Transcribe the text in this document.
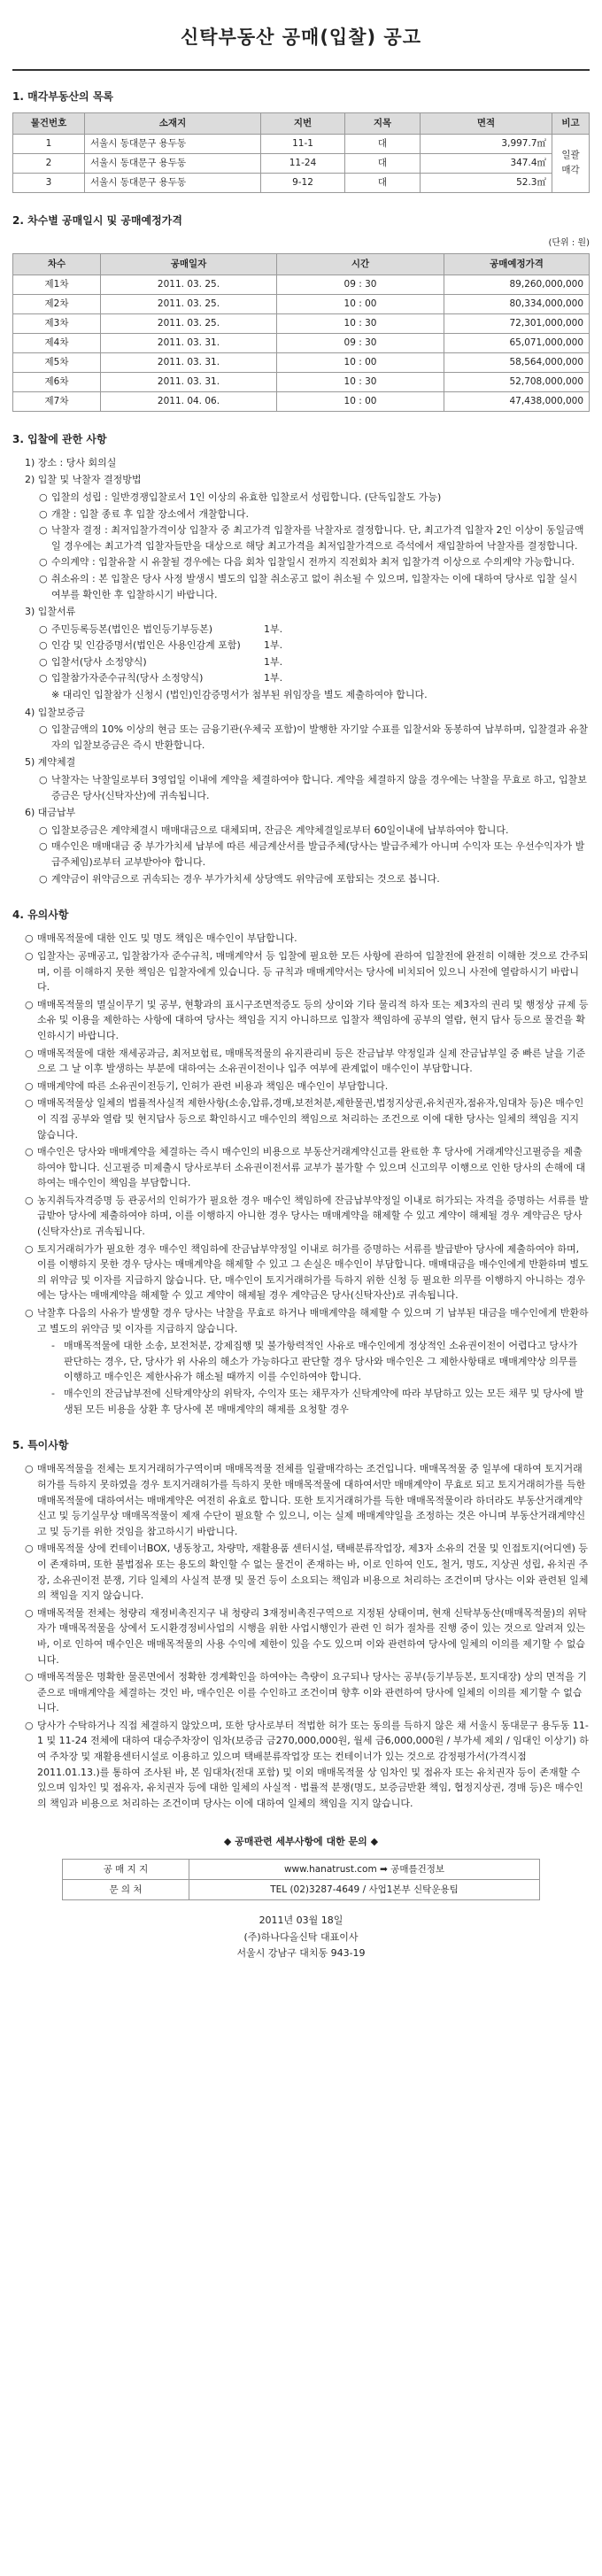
신탁부동산 공매(입찰) 공고
1. 매각부동산의 목록
물건번호	소재지	지번	지목	면적	비고
1	서울시 동대문구 용두동	11-1	대	3,997.7㎡	일괄매각
2	서울시 동대문구 용두동	11-24	대	347.4㎡	
3	서울시 동대문구 용두동	9-12	대	52.3㎡	
2. 차수별 공매일시 및 공매예정가격
(단위 : 원)
차수	공매일자	시간	공매예정가격
제1차	2011. 03. 25.	09 : 30	89,260,000,000
제2차	2011. 03. 25.	10 : 00	80,334,000,000
제3차	2011. 03. 25.	10 : 30	72,301,000,000
제4차	2011. 03. 31.	09 : 30	65,071,000,000
제5차	2011. 03. 31.	10 : 00	58,564,000,000
제6차	2011. 03. 31.	10 : 30	52,708,000,000
제7차	2011. 04. 06.	10 : 00	47,438,000,000
3. 입찰에 관한 사항
1) 장소 : 당사 회의실
2) 입찰 및 낙찰자 결정방법
○ 입찰의 성립 : 일반경쟁입찰로서 1인 이상의 유효한 입찰로서 성립합니다. (단독입찰도 가능)
○ 개찰 : 입찰 종료 후 입찰 장소에서 개찰합니다.
○ 낙찰자 결정 : 최저입찰가격이상 입찰자 중 최고가격 입찰자를 낙찰자로 결정합니다. 단, 최고가격 입찰자 2인 이상이 동일금액일 경우에는 최고가격 입찰자들만을 대상으로 해당 최고가격을 최저입찰가격으로 즉석에서 재입찰하여 낙찰자를 결정합니다.
○ 수의계약 : 입찰유찰 시 유찰될 경우에는 다음 회차 입찰일시 전까지 직전회차 최저 입찰가격 이상으로 수의계약 가능합니다.
○ 취소유의 : 본 입찰은 당사 사정 발생시 별도의 입찰 취소공고 없이 취소될 수 있으며, 입찰자는 이에 대하여 당사로 입찰 실시 여부를 확인한 후 입찰하시기 바랍니다.
3) 입찰서류
○ 주민등록등본(법인은 법인등기부등본)	1부.
○ 인감 및 인감증명서(법인은 사용인감계 포함)	1부.
○ 입찰서(당사 소정양식)	1부.
○ 입찰참가자준수규칙(당사 소정양식)	1부.
※ 대리인 입찰참가 신청시 (법인)인감증명서가 첨부된 위임장을 별도 제출하여야 합니다.
4) 입찰보증금
○ 입찰금액의 10% 이상의 현금 또는 금융기관(우체국 포함)이 발행한 자기앞 수표를 입찰서와 동봉하여 납부하며, 입찰결과 유찰자의 입찰보증금은 즉시 반환합니다.
5) 계약체결
○ 낙찰자는 낙찰일로부터 3영업일 이내에 계약을 체결하여야 합니다. 계약을 체결하지 않을 경우에는 낙찰을 무효로 하고, 입찰보증금은 당사(신탁자산)에 귀속됩니다.
6) 대금납부
○ 입찰보증금은 계약체결시 매매대금으로 대체되며, 잔금은 계약체결일로부터 60일이내에 납부하여야 합니다.
○ 매수인은 매매대금 중 부가가치세 납부에 따른 세금계산서를 발급주체(당사는 발급주체가 아니며 수익자 또는 우선수익자가 발급주체임)로부터 교부받아야 합니다.
○ 계약금이 위약금으로 귀속되는 경우 부가가치세 상당액도 위약금에 포함되는 것으로 봅니다.
4. 유의사항
○ 매매목적물에 대한 인도 및 명도 책임은 매수인이 부담합니다.
○ 입찰자는 공매공고, 입찰참가자 준수규칙, 매매계약서 등 입찰에 필요한 모든 사항에 관하여 입찰전에 완전히 이해한 것으로 간주되며, 이를 이해하지 못한 책임은 입찰자에게 있습니다. 등 규칙과 매매계약서는 당사에 비치되어 있으니 사전에 열람하시기 바랍니다.
○ 매매목적물의 멸실이무기 및 공부, 현황과의 표시구조면적증도 등의 상이와 기타 물리적 하자 또는 제3자의 권리 및 행정상 규제 등 소유 및 이용을 제한하는 사항에 대하여 당사는 책임을 지지 아니하므로 입찰자 책임하에 공부의 열람, 현지 답사 등으로 물건을 확인하시기 바랍니다.
○ 매매목적물에 대한 재세공과금, 최저보험료, 매매목적물의 유지관리비 등은 잔금납부 약정일과 실제 잔금납부일 중 빠른 날을 기준으로 그 날 이후 발생하는 부분에 대하여는 소유권이전이나 입주 여부에 관계없이 매수인이 부담합니다.
○ 매매계약에 따른 소유권이전등기, 인허가 관련 비용과 책임은 매수인이 부담합니다.
○ 매매목적물상 일체의 법률적사실적 제한사항(소송,압류,경매,보전처분,제한물권,법정지상권,유치권자,점유자,임대차 등)은 매수인이 직접 공부와 열람 및 현지답사 등으로 확인하시고 매수인의 책임으로 처리하는 조건으로 이에 대한 당사는 일체의 책임을 지지 않습니다.
○ 매수인은 당사와 매매계약을 체결하는 즉시 매수인의 비용으로 부동산거래계약신고를 완료한 후 당사에 거래계약신고필증을 제출하여야 합니다. 신고필증 미제출시 당사로부터 소유권이전서류 교부가 불가할 수 있으며 신고의무 이행으로 인한 당사의 손해에 대하여는 매수인이 책임을 부담합니다.
○ 농지취득자격증명 등 관공서의 인허가가 필요한 경우 매수인 책임하에 잔금납부약정일 이내로 허가되는 자격을 증명하는 서류를 발급받아 당사에 제출하여야 하며, 이를 이행하지 아니한 경우 당사는 매매계약을 해제할 수 있고 계약이 해제될 경우 계약금은 당사(신탁자산)로 귀속됩니다.
○ 토지거래허가가 필요한 경우 매수인 책임하에 잔금납부약정일 이내로 허가를 증명하는 서류를 발급받아 당사에 제출하여야 하며, 이를 이행하지 못한 경우 당사는 매매계약을 해제할 수 있고 그 손실은 매수인이 부담합니다. 매매대금을 매수인에게 반환하며 별도의 위약금 및 이자를 지급하지 않습니다. 단, 매수인이 토지거래허가를 득하지 위한 신청 등 필요한 의무를 이행하지 아니하는 경우에는 당사는 매매계약을 해제할 수 있고 계약이 해제될 경우 계약금은 당사(신탁자산)로 귀속됩니다.
○ 낙찰후 다음의 사유가 발생할 경우 당사는 낙찰을 무효로 하거나 매매계약을 해제할 수 있으며 기 납부된 대금을 매수인에게 반환하고 별도의 위약금 및 이자를 지급하지 않습니다.
- 매매목적물에 대한 소송, 보전처분, 강제집행 및 불가항력적인 사유로 매수인에게 정상적인 소유권이전이 어렵다고 당사가 판단하는 경우, 단, 당사가 위 사유의 해소가 가능하다고 판단할 경우 당사와 매수인은 그 제한사항태로 매매계약상 의무를 이행하고 매수인은 제한사유가 해소될 때까지 이를 수인하여야 합니다.
- 매수인의 잔금납부전에 신탁계약상의 위탁자, 수익자 또는 채무자가 신탁계약에 따라 부담하고 있는 모든 채무 및 당사에 발생된 모든 비용을 상환 후 당사에 본 매매계약의 해제를 요청할 경우
5. 특이사항
○ 매매목적물을 전체는 토지거래허가구역이며 매매목적물 전체를 일괄매각하는 조건입니다. 매매목적물 중 일부에 대하여 토지거래허가를 득하지 못하였을 경우 토지거래허가를 득하지 못한 매매목적물에 대하여서만 매매계약이 무효로 되고 토지거래허가를 득한 매매목적물에 대하여서는 매매계약은 여전히 유효로 합니다. 또한 토지거래허가를 득한 매매목적물이라 하더라도 부동산거래계약신고 및 등기실무상 매매목적물이 제재 수단이 필요할 수 있으니, 이는 실제 매매계약일을 조정하는 것은 아니며 부동산거래계약신고 및 등기를 위한 것임을 참고하시기 바랍니다.
○ 매매목적물 상에 컨테이너BOX, 냉동창고, 차량막, 재활용품 센터시설, 택배분류작업장, 제3자 소유의 건물 및 인접토지(어디엔) 등이 존재하며, 또한 불법점유 또는 용도의 확인할 수 없는 물건이 존재하는 바, 이로 인하여 인도, 철거, 명도, 지상권 성립, 유치권 주장, 소유권이전 분쟁, 기타 일체의 사실적 분쟁 및 물건 등이 소요되는 책임과 비용으로 처리하는 조건이며 당사는 이와 관련된 일체의 책임을 지지 않습니다.
○ 매매목적물 전체는 청량리 재정비촉진지구 내 청량리 3재정비촉진구역으로 지정된 상태이며, 현재 신탁부동산(매매목적물)의 위탁자가 매매목적물을 상에서 도시환경정비사업의 시행을 위한 사업시행인가 관련 인 허가 절차를 진행 중이 있는 것으로 알려져 있는 바, 이로 인하여 매수인은 매매목적물의 사용 수익에 제한이 있을 수도 있으며 이와 관련하여 당사에 일체의 이의를 제기할 수 없습니다.
○ 매매목적물은 명확한 물론면에서 정확한 경계확인을 하여야는 측량이 요구되나 당사는 공부(등기부등본, 토지대장) 상의 면적을 기준으로 매매계약을 체결하는 것인 바, 매수인은 이를 수인하고 조건이며 향후 이와 관련하여 당사에 일체의 이의를 제기할 수 없습니다.
○ 당사가 수탁하거나 직접 체결하지 않았으며, 또한 당사로부터 적법한 허가 또는 동의를 득하지 않은 채 서울시 동대문구 용두동 11-1 및 11-24 전체에 대하여 대승주차장이 임차(보증금 금270,000,000원, 월세 금6,000,000원 / 부가세 제외 / 임대인 이상기) 하여 주차장 및 재활용센터시설로 이용하고 있으며 택배분류작업장 또는 컨테이너가 있는 것으로 감정평가서(가격시점 2011.01.13.)를 통하여 조사된 바, 본 임대차(전대 포함) 및 이외 매매목적물 상 임차인 및 점유자 또는 유치권자 등이 존재할 수 있으며 임차인 및 점유자, 유치권자 등에 대한 일체의 사실적 · 법률적 분쟁(명도, 보증금반환 책임, 협정지상권, 경매 등)은 매수인의 책임과 비용으로 처리하는 조건이며 당사는 이에 대하여 일체의 책임을 지지 않습니다.
◆ 공매관련 세부사항에 대한 문의 ◆
공 매 지 지	www.hanatrust.com ➡ 공매를건정보
문 의 처	TEL (02)3287-4649 / 사업1본부 신탁운용팀
2011년 03월 18일
(주)하나다올신탁 대표이사
서울시 강남구 대치동 943-19
